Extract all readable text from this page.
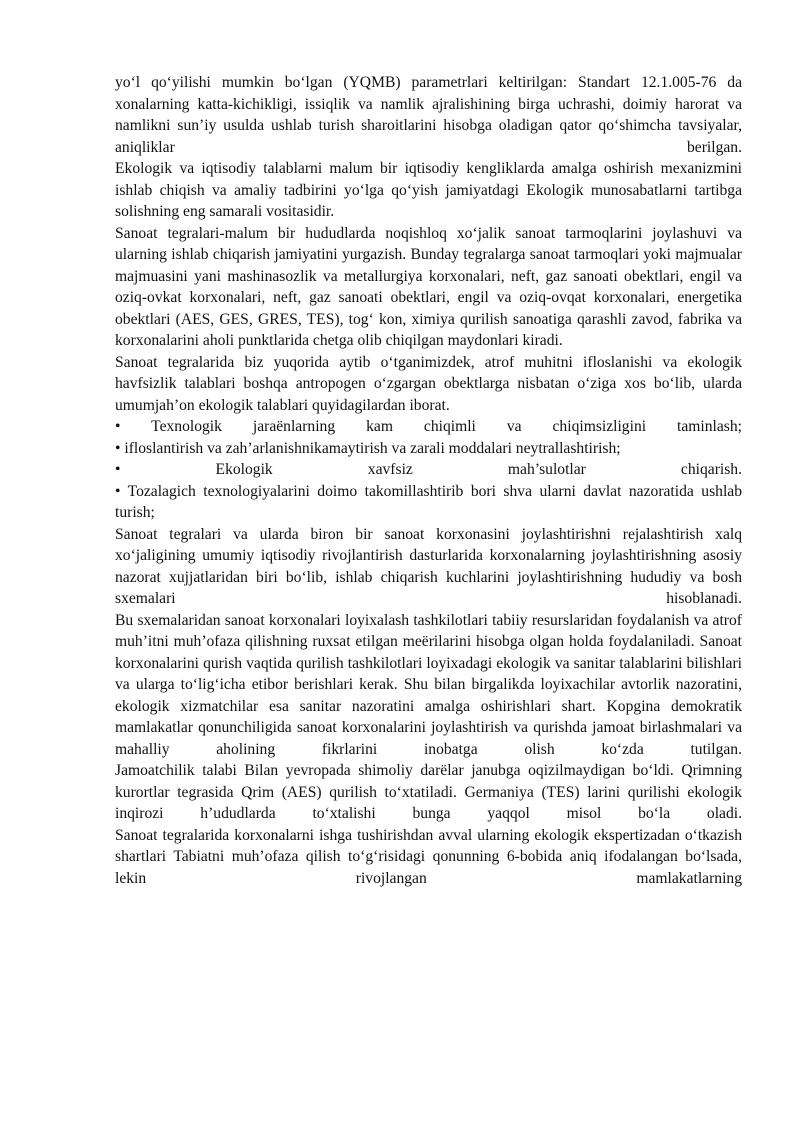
yo‘l qo‘yilishi mumkin bo‘lgan (YQMB) parametrlari keltirilgan: Standart 12.1.005-76 da xonalarning katta-kichikligi, issiqlik va namlik ajralishining birga uchrashi, doimiy harorat va namlikni sun’iy usulda ushlab turish sharoitlarini hisobga oladigan qator qo‘shimcha tavsiyalar, aniqliklar berilgan.

Ekologik va iqtisodiy talablarni malum bir iqtisodiy kengliklarda amalga oshirish mexanizmini ishlab chiqish va amaliy tadbirini yo‘lga qo‘yish jamiyatdagi Ekologik munosabatlarni tartibga solishning eng samarali vositasidir.

Sanoat tegralari-malum bir hududlarda noqishloq xo‘jalik sanoat tarmoqlarini joylashuvi va ularning ishlab chiqarish jamiyatini yurgazish. Bunday tegralarga sanoat tarmoqlari yoki majmualar majmuasini yani mashinasozlik va metallurgiya korxonalari, neft, gaz sanoati obektlari, engil va oziq-ovkat korxonalari, neft, gaz sanoati obektlari, engil va oziq-ovqat korxonalari, energetika obektlari (AES, GES, GRES, TES), tog‘ kon, ximiya qurilish sanoatiga qarashli zavod, fabrika va korxonalarini aholi punktlarida chetga olib chiqilgan maydonlari kiradi.

Sanoat tegralarida biz yuqorida aytib o‘tganimizdek, atrof muhitni ifloslanishi va ekologik havfsizlik talablari boshqa antropogen o‘zgargan obektlarga nisbatan o‘ziga xos bo‘lib, ularda umumjah’on ekologik talablari quyidagilardan iborat.

• Texnologik jaraënlarning kam chiqimli va chiqimsizligini taminlash;

• ifloslantirish va zah’arlanishnikamaytirish va zarali moddalari neytrallashtirish;

• Ekologik xavfsiz mah’sulotlar chiqarish.

• Tozalagich texnologiyalarini doimo takomillashtirib bori shva ularni davlat nazoratida ushlab turish;

Sanoat tegralari va ularda biron bir sanoat korxonasini joylashtirishni rejalashtirish xalq xo‘jaligining umumiy iqtisodiy rivojlantirish dasturlarida korxonalarning joylashtirishning asosiy nazorat xujjatlaridan biri bo‘lib, ishlab chiqarish kuchlarini joylashtirishning hududiy va bosh sxemalari hisoblanadi.

Bu sxemalaridan sanoat korxonalari loyixalash tashkilotlari tabiiy resurslaridan foydalanish va atrof muh’itni muh’ofaza qilishning ruxsat etilgan meërilarini hisobga olgan holda foydalaniladi. Sanoat korxonalarini qurish vaqtida qurilish tashkilotlari loyixadagi ekologik va sanitar talablarini bilishlari va ularga to‘lig‘icha etibor berishlari kerak. Shu bilan birgalikda loyixachilar avtorlik nazoratini, ekologik xizmatchilar esa sanitar nazoratini amalga oshirishlari shart. Kopgina demokratik mamlakatlar qonunchiligida sanoat korxonalarini joylashtirish va qurishda jamoat birlashmalari va mahalliy aholining fikrlarini inobatga olish ko‘zda tutilgan.

Jamoatchilik talabi Bilan yevropada shimoliy darëlar janubga oqizilmaydigan bo‘ldi. Qrimning kurortlar tegrasida Qrim (AES) qurilish to‘xtatiladi. Germaniya (TES) larini qurilishi ekologik inqirozi h’ududlarda to‘xtalishi bunga yaqqol misol bo‘la oladi.

Sanoat tegralarida korxonalarni ishga tushirishdan avval ularning ekologik ekspertizadan o‘tkazish shartlari Tabiatni muh’ofaza qilish to‘g‘risidagi qonunning 6-bobida aniq ifodalangan bo‘lsada, lekin rivojlangan mamlakatlarning
